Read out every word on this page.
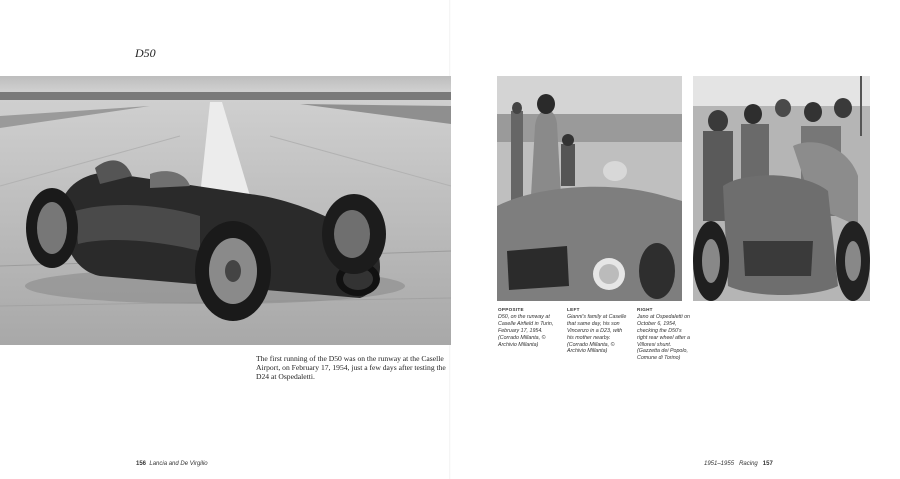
D50
The first running of the D50 was on the runway at the Caselle Airport, on February 17, 1954, just a few days after testing the D24 at Ospedaletti.
OPPOSITE
D50, on the runway at Caselle Airfield in Turin, February 17, 1954. (Corrado Millanta, © Archivio Millanta)
LEFT
Gianni's family at Caselle that same day, his son Vincenzo in a D23, with his mother nearby. (Corrado Millanta, © Archivio Millanta)
RIGHT
Jano at Ospedaletti on October 6, 1954, checking the D50's right rear wheel after a Villoresi shunt. (Gazzetta dei Popolo, Comune di Torino)
156 Lancia and De Virgilio	1951–1955 Racing 157
